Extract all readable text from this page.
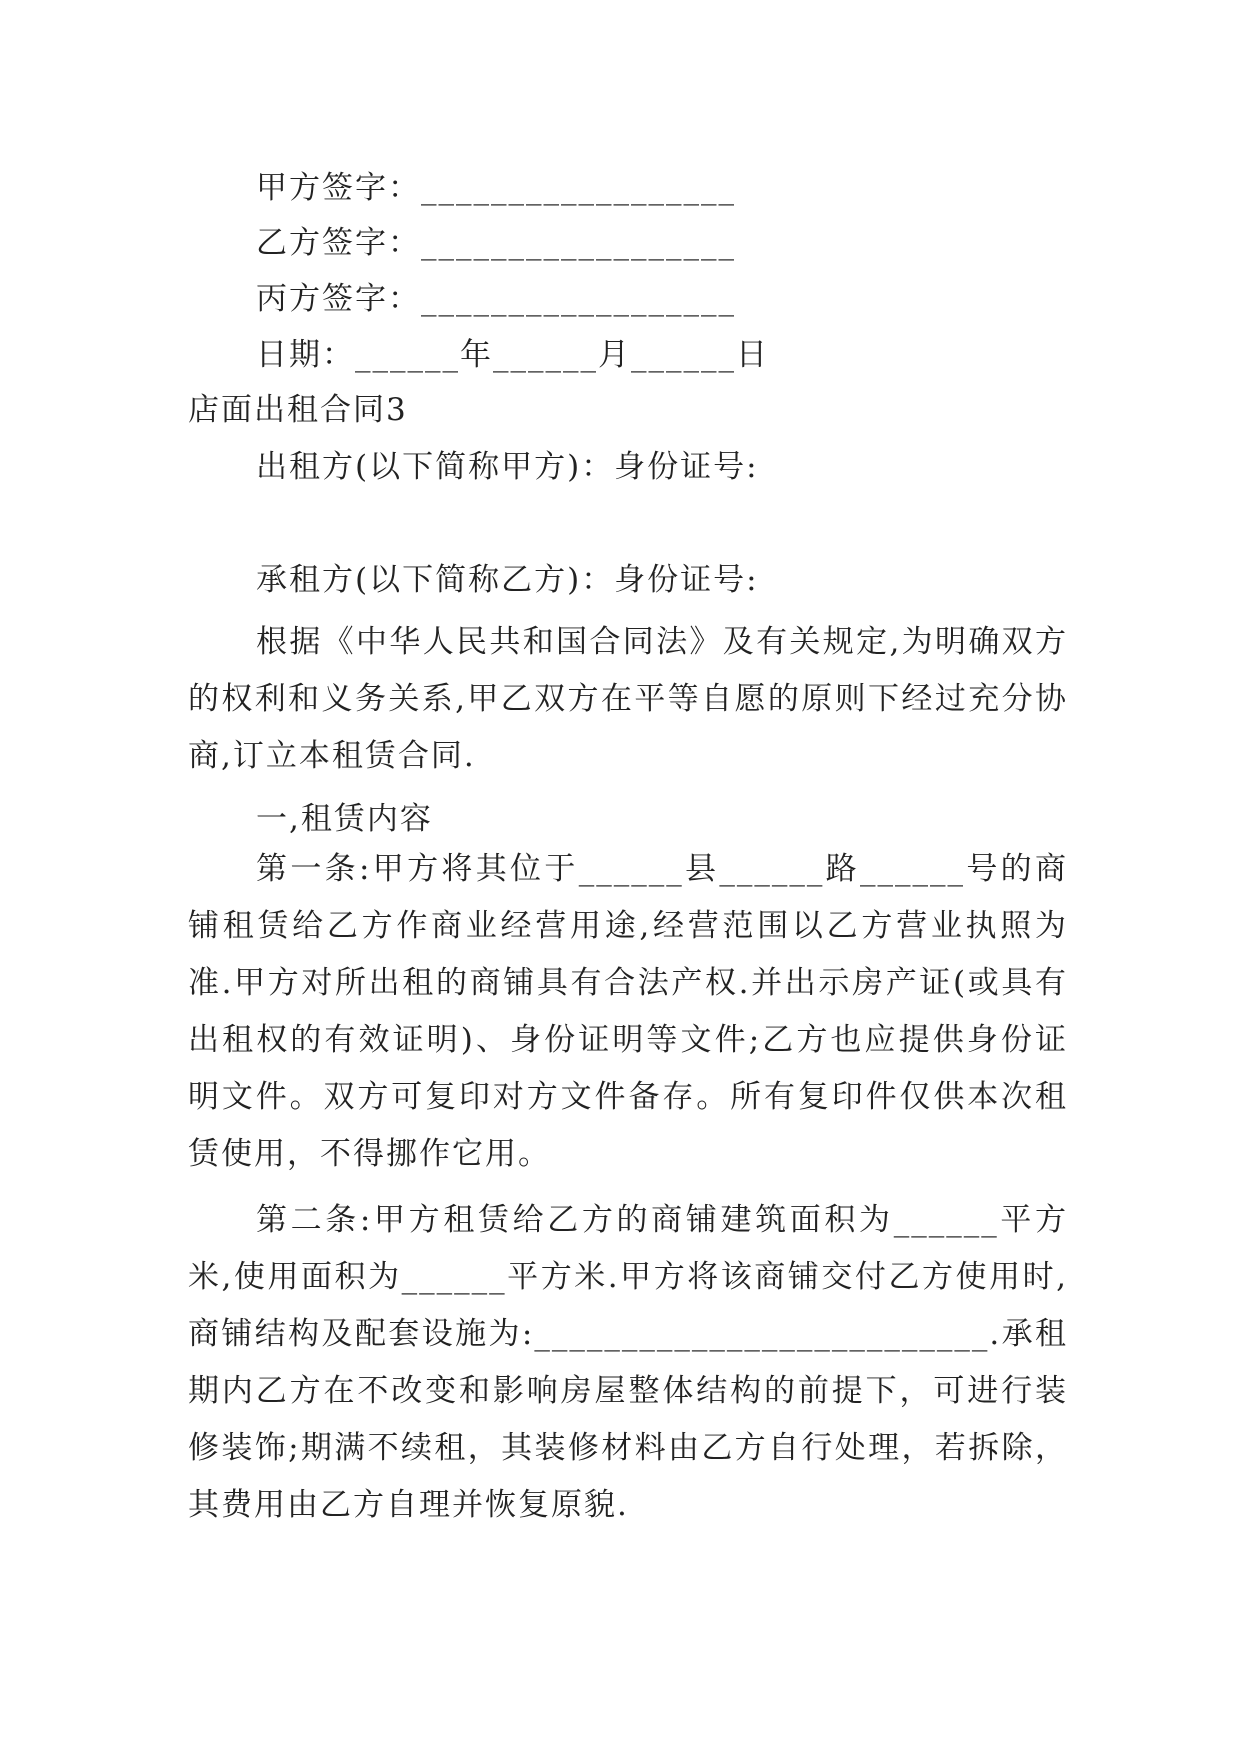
甲方签字：__________________
乙方签字：__________________
丙方签字：__________________
日期：______年______月______日
店面出租合同3
出租方(以下简称甲方)：身份证号:
承租方(以下简称乙方)：身份证号:
根据《中华人民共和国合同法》及有关规定,为明确双方的权利和义务关系,甲乙双方在平等自愿的原则下经过充分协商,订立本租赁合同.
一,租赁内容
第一条:甲方将其位于______县______路______号的商铺租赁给乙方作商业经营用途,经营范围以乙方营业执照为准.甲方对所出租的商铺具有合法产权.并出示房产证(或具有出租权的有效证明)、身份证明等文件;乙方也应提供身份证明文件。双方可复印对方文件备存。所有复印件仅供本次租赁使用，不得挪作它用。
第二条:甲方租赁给乙方的商铺建筑面积为______平方米,使用面积为______平方米.甲方将该商铺交付乙方使用时,商铺结构及配套设施为:__________________________.承租期内乙方在不改变和影响房屋整体结构的前提下，可进行装修装饰;期满不续租，其装修材料由乙方自行处理，若拆除，其费用由乙方自理并恢复原貌.
